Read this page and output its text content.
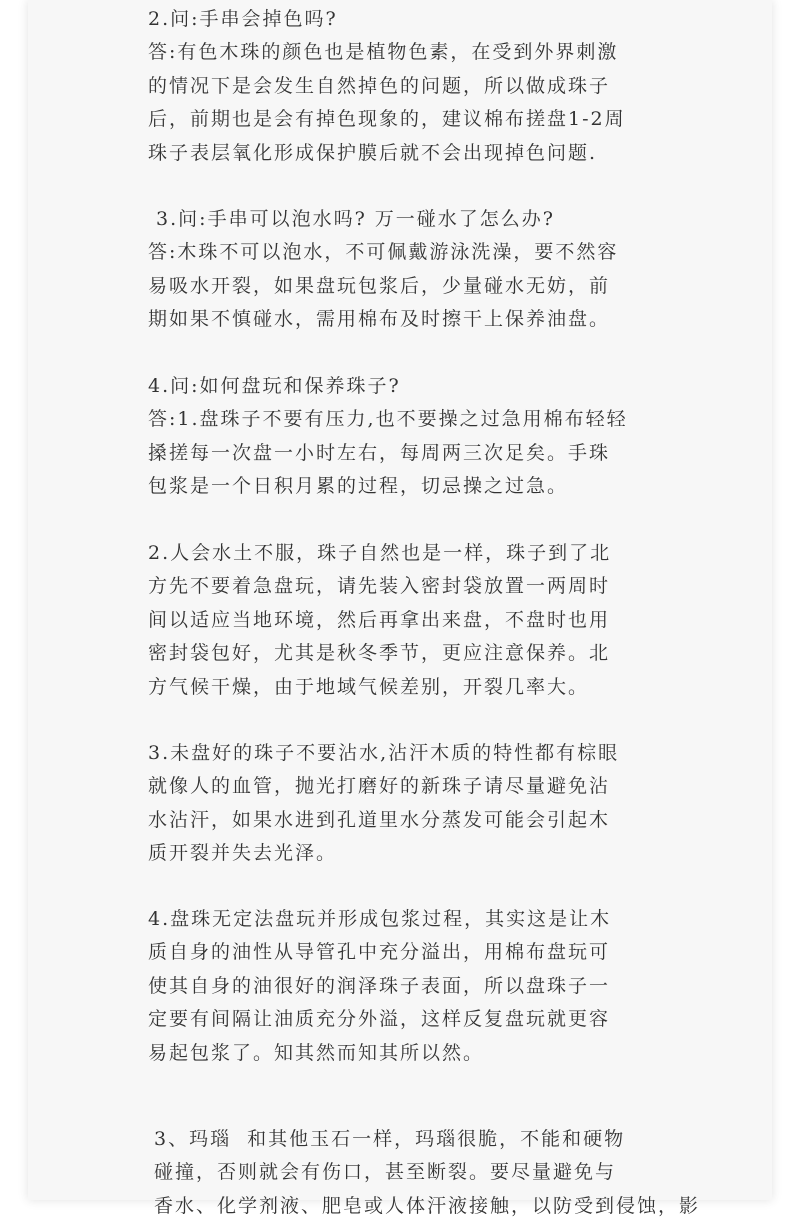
2.问:手串会掉色吗?
答:有色木珠的颜色也是植物色素，在受到外界刺激
的情况下是会发生自然掉色的问题，所以做成珠子
后，前期也是会有掉色现象的，建议棉布搓盘1-2周
珠子表层氧化形成保护膜后就不会出现掉色问题.
3.问:手串可以泡水吗? 万一碰水了怎么办?
答:木珠不可以泡水，不可佩戴游泳洗澡，要不然容
易吸水开裂，如果盘玩包浆后，少量碰水无妨，前
期如果不慎碰水，需用棉布及时擦干上保养油盘。
4.问:如何盘玩和保养珠子?
答:1.盘珠子不要有压力,也不要操之过急用棉布轻轻
搡搓每一次盘一小时左右，每周两三次足矣。手珠
包浆是一个日积月累的过程，切忌操之过急。
2.人会水土不服，珠子自然也是一样，珠子到了北
方先不要着急盘玩，请先装入密封袋放置一两周时
间以适应当地环境，然后再拿出来盘，不盘时也用
密封袋包好，尤其是秋冬季节，更应注意保养。北
方气候干燥，由于地域气候差别，开裂几率大。
3.未盘好的珠子不要沾水,沾汗木质的特性都有棕眼
就像人的血管，抛光打磨好的新珠子请尽量避免沾
水沾汗，如果水进到孔道里水分蒸发可能会引起木
质开裂并失去光泽。
4.盘珠无定法盘玩并形成包浆过程，其实这是让木
质自身的油性从导管孔中充分溢出，用棉布盘玩可
使其自身的油很好的润泽珠子表面，所以盘珠子一
定要有间隔让油质充分外溢，这样反复盘玩就更容
易起包浆了。知其然而知其所以然。
3、玛瑙  和其他玉石一样，玛瑙很脆，不能和硬物
碰撞，否则就会有伤口，甚至断裂。要尽量避免与
香水、化学剂液、肥皂或人体汗液接触，以防受到侵蚀，影
